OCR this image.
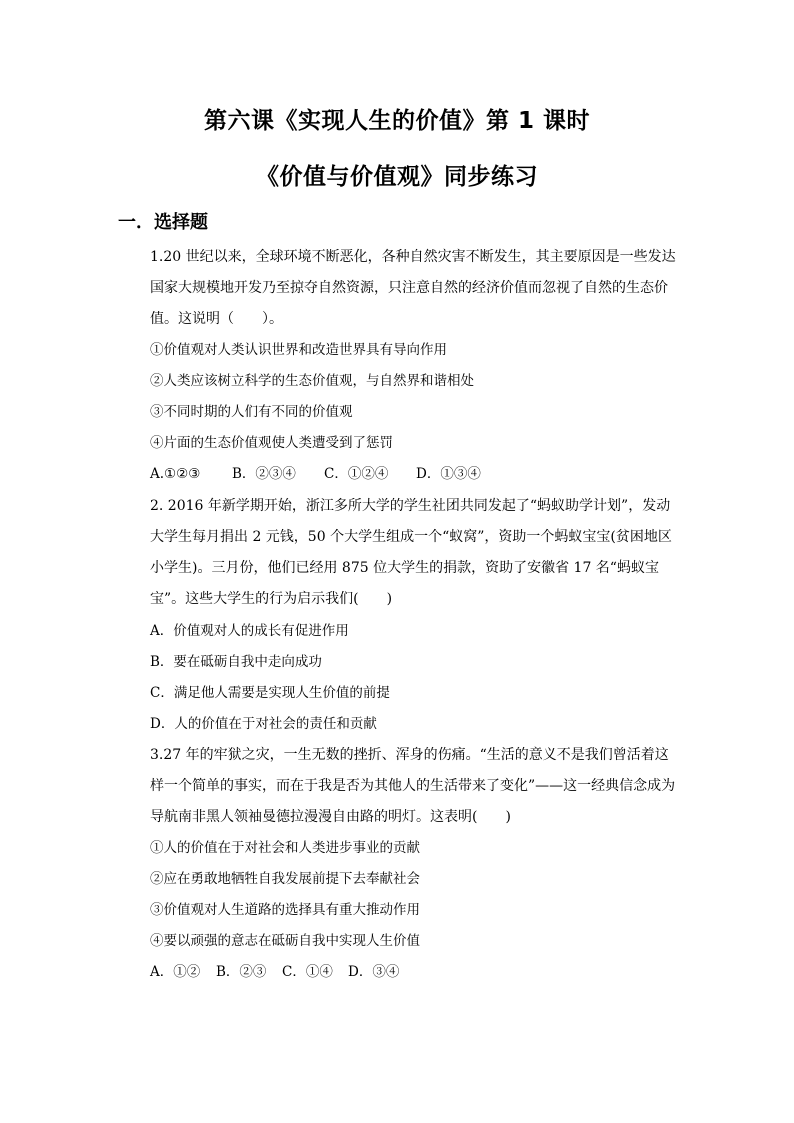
第六课《实现人生的价值》第 1 课时
《价值与价值观》同步练习
一．选择题

1.20 世纪以来，全球环境不断恶化，各种自然灾害不断发生，其主要原因是一些发达国家大规模地开发乃至掠夺自然资源，只注意自然的经济价值而忽视了自然的生态价值。这说明（　　）。

①价值观对人类认识世界和改造世界具有导向作用
②人类应该树立科学的生态价值观，与自然界和谐相处
③不同时期的人们有不同的价值观
④片面的生态价值观使人类遭受到了惩罚
A.①②③ B．②③④ C．①②④ D．①③④

2. 2016 年新学期开始，浙江多所大学的学生社团共同发起了“蚂蚁助学计划”，发动大学生每月捐出 2 元钱，50 个大学生组成一个“蚁窝”，资助一个蚂蚁宝宝(贫困地区小学生)。三月份，他们已经用 875 位大学生的捐款，资助了安徽省 17 名“蚂蚁宝宝”。这些大学生的行为启示我们(　　)

A．价值观对人的成长有促进作用
B．要在砥砺自我中走向成功
C．满足他人需要是实现人生价值的前提
D．人的价值在于对社会的责任和贡献

3.27 年的牢狱之灾，一生无数的挫折、浑身的伤痛。“生活的意义不是我们曾活着这样一个简单的事实，而在于我是否为其他人的生活带来了变化”——这一经典信念成为导航南非黑人领袖曼德拉漫漫自由路的明灯。这表明(　　)

①人的价值在于对社会和人类进步事业的贡献
②应在勇敢地牺牲自我发展前提下去奉献社会
③价值观对人生道路的选择具有重大推动作用
④要以顽强的意志在砥砺自我中实现人生价值
A．①② B．②③ C．①④ D．③④
